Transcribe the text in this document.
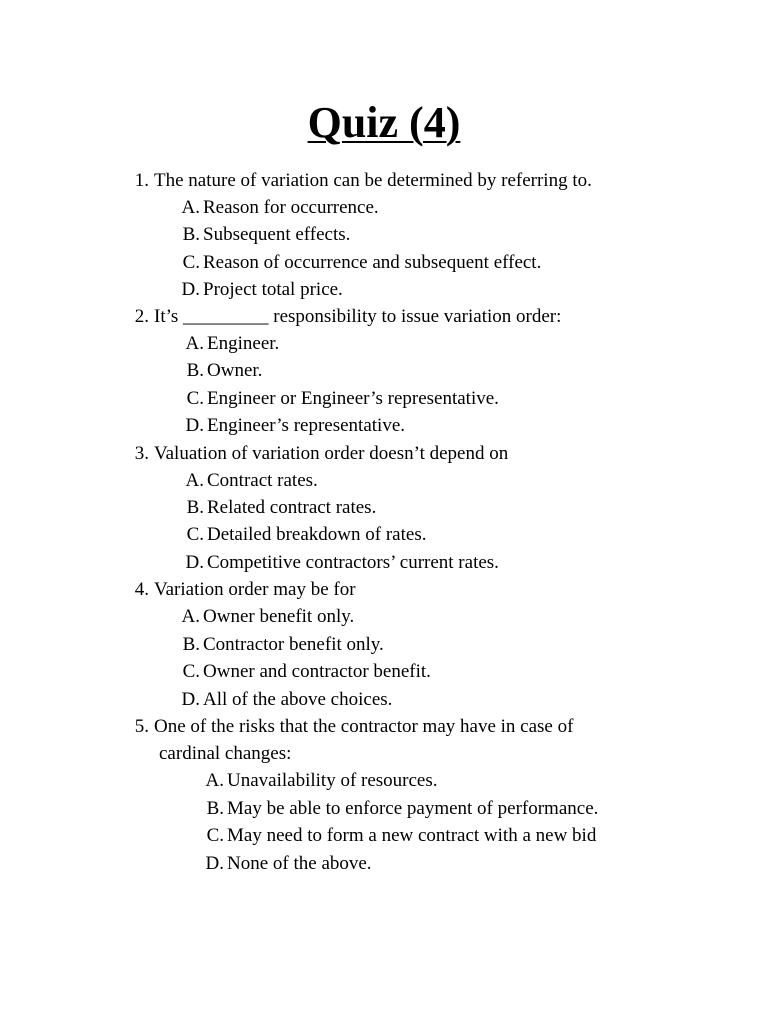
Quiz (4)
1. The nature of variation can be determined by referring to.
A. Reason for occurrence.
B. Subsequent effects.
C. Reason of occurrence and subsequent effect.
D. Project total price.
2. It’s _________ responsibility to issue variation order:
A. Engineer.
B. Owner.
C. Engineer or Engineer’s representative.
D. Engineer’s representative.
3. Valuation of variation order doesn’t depend on
A. Contract rates.
B. Related contract rates.
C. Detailed breakdown of rates.
D. Competitive contractors’ current rates.
4. Variation order may be for
A. Owner benefit only.
B. Contractor benefit only.
C. Owner and contractor benefit.
D. All of the above choices.
5. One of the risks that the contractor may have in case of
cardinal changes:
A. Unavailability of resources.
B. May be able to enforce payment of performance.
C. May need to form a new contract with a new bid
D. None of the above.
